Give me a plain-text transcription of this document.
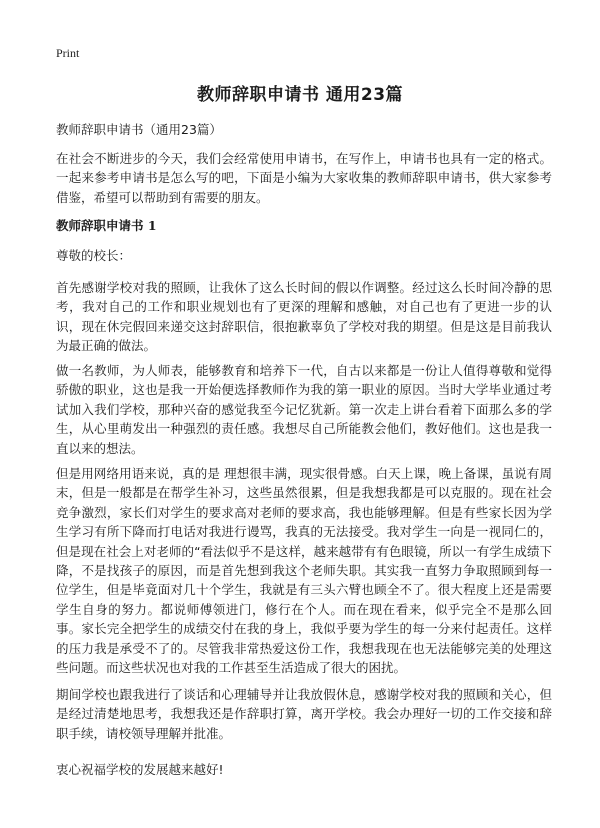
Print
教师辞职申请书 通用23篇

教师辞职申请书（通用23篇）

在社会不断进步的今天，我们会经常使用申请书，在写作上，申请书也具有一定的格式。一起来参考申请书是怎么写的吧，下面是小编为大家收集的教师辞职申请书，供大家参考借鉴，希望可以帮助到有需要的朋友。

教师辞职申请书 1

尊敬的校长：

首先感谢学校对我的照顾，让我休了这么长时间的假以作调整。经过这么长时间冷静的思考，我对自己的工作和职业规划也有了更深的理解和感触，对自己也有了更进一步的认识，现在休完假回来递交这封辞职信，很抱歉辜负了学校对我的期望。但是这是目前我认为最正确的做法。

做一名教师，为人师表，能够教育和培养下一代，自古以来都是一份让人值得尊敬和觉得骄傲的职业，这也是我一开始便选择教师作为我的第一职业的原因。当时大学毕业通过考试加入我们学校，那种兴奋的感觉我至今记忆犹新。第一次走上讲台看着下面那么多的学生，从心里萌发出一种强烈的责任感。我想尽自己所能教会他们，教好他们。这也是我一直以来的想法。

但是用网络用语来说，真的是 理想很丰满，现实很骨感。白天上课，晚上备课，虽说有周末，但是一般都是在帮学生补习，这些虽然很累，但是我想我都是可以克服的。现在社会竞争激烈，家长们对学生的要求高对老师的要求高，我也能够理解。但是有些家长因为学生学习有所下降而打电话对我进行谩骂，我真的无法接受。我对学生一向是一视同仁的，但是现在社会上对老师的“看法似乎不是这样，越来越带有有色眼镜，所以一有学生成绩下降，不是找孩子的原因，而是首先想到我这个老师失职。其实我一直努力争取照顾到每一位学生，但是毕竟面对几十个学生，我就是有三头六臂也顾全不了。很大程度上还是需要学生自身的努力。都说师傅领进门，修行在个人。而在现在看来，似乎完全不是那么回事。家长完全把学生的成绩交付在我的身上，我似乎要为学生的每一分来付起责任。这样的压力我是承受不了的。尽管我非常热爱这份工作，我想我现在也无法能够完美的处理这些问题。而这些状况也对我的工作甚至生活造成了很大的困扰。

期间学校也跟我进行了谈话和心理辅导并让我放假休息，感谢学校对我的照顾和关心，但是经过清楚地思考，我想我还是作辞职打算，离开学校。我会办理好一切的工作交接和辞职手续，请校领导理解并批准。

衷心祝福学校的发展越来越好!
